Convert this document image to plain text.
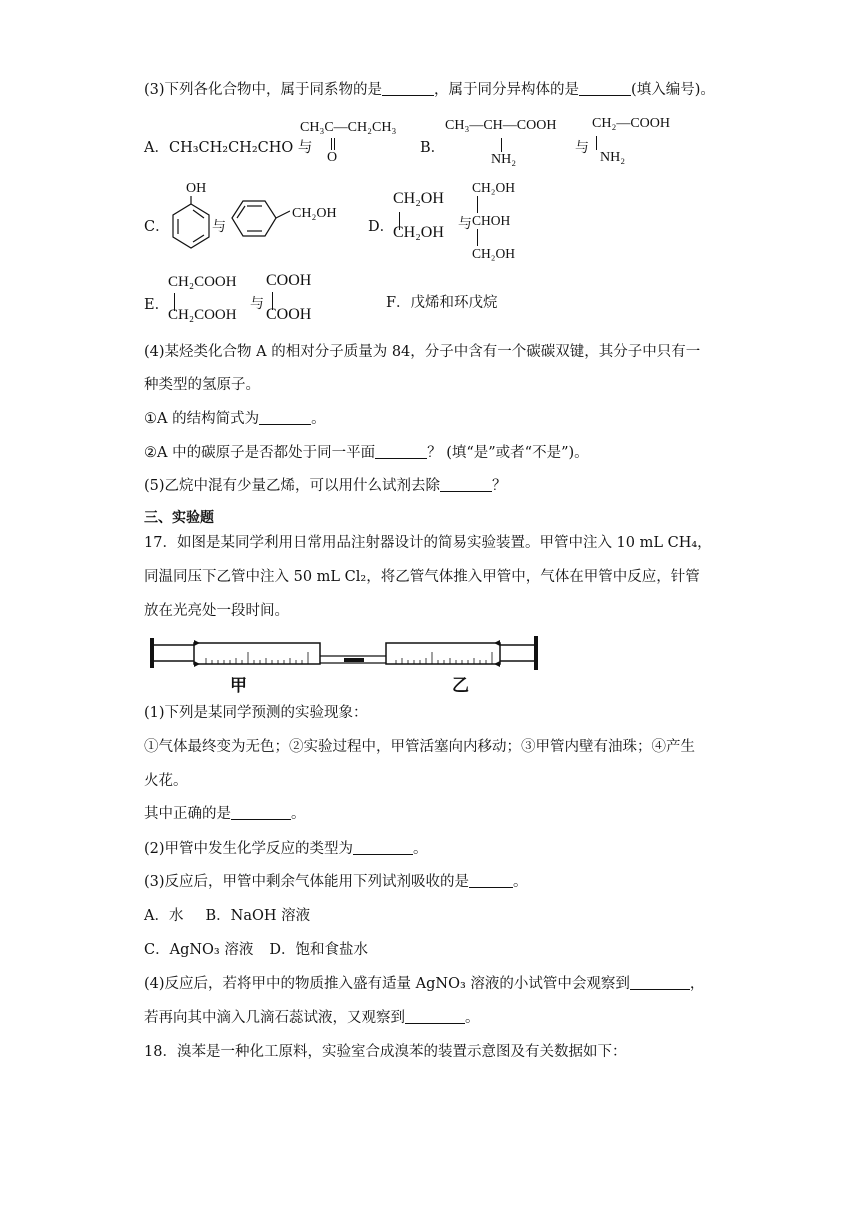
(3)下列各化合物中，属于同系物的是	，属于同分异构体的是	(填入编号)。
A．CH₃CH₂CH₂CHO 与
CH₃C—CH₂CH₃
O
B．
CH₃—CH—COOH
NH₂
与
CH₂—COOH
NH₂
C．
OH
与
CH₂OH
D．
CH₂OH
CH₂OH 与
CH₂OH
CHOH
CH₂OH
E．
CH₂COOH
CH₂COOH
与
COOH
COOH
F．戊烯和环戊烷
(4)某烃类化合物 A 的相对分子质量为 84，分子中含有一个碳碳双键，其分子中只有一
种类型的氢原子。
①A 的结构简式为	。
②A 中的碳原子是否都处于同一平面	？ (填“是”或者“不是”)。
(5)乙烷中混有少量乙烯，可以用什么试剂去除	？
三、实验题
17．如图是某同学利用日常用品注射器设计的简易实验装置。甲管中注入 10 mL CH₄，
同温同压下乙管中注入 50 mL Cl₂，将乙管气体推入甲管中，气体在甲管中反应，针管
放在光亮处一段时间。
甲	乙
(1)下列是某同学预测的实验现象：
①气体最终变为无色；②实验过程中，甲管活塞向内移动；③甲管内壁有油珠；④产生
火花。
其中正确的是	。
(2)甲管中发生化学反应的类型为	。
(3)反应后，甲管中剩余气体能用下列试剂吸收的是	。
A．水 B．NaOH 溶液
C．AgNO₃ 溶液 D．饱和食盐水
(4)反应后，若将甲中的物质推入盛有适量 AgNO₃ 溶液的小试管中会观察到	，
若再向其中滴入几滴石蕊试液，又观察到	。
18．溴苯是一种化工原料，实验室合成溴苯的装置示意图及有关数据如下：
